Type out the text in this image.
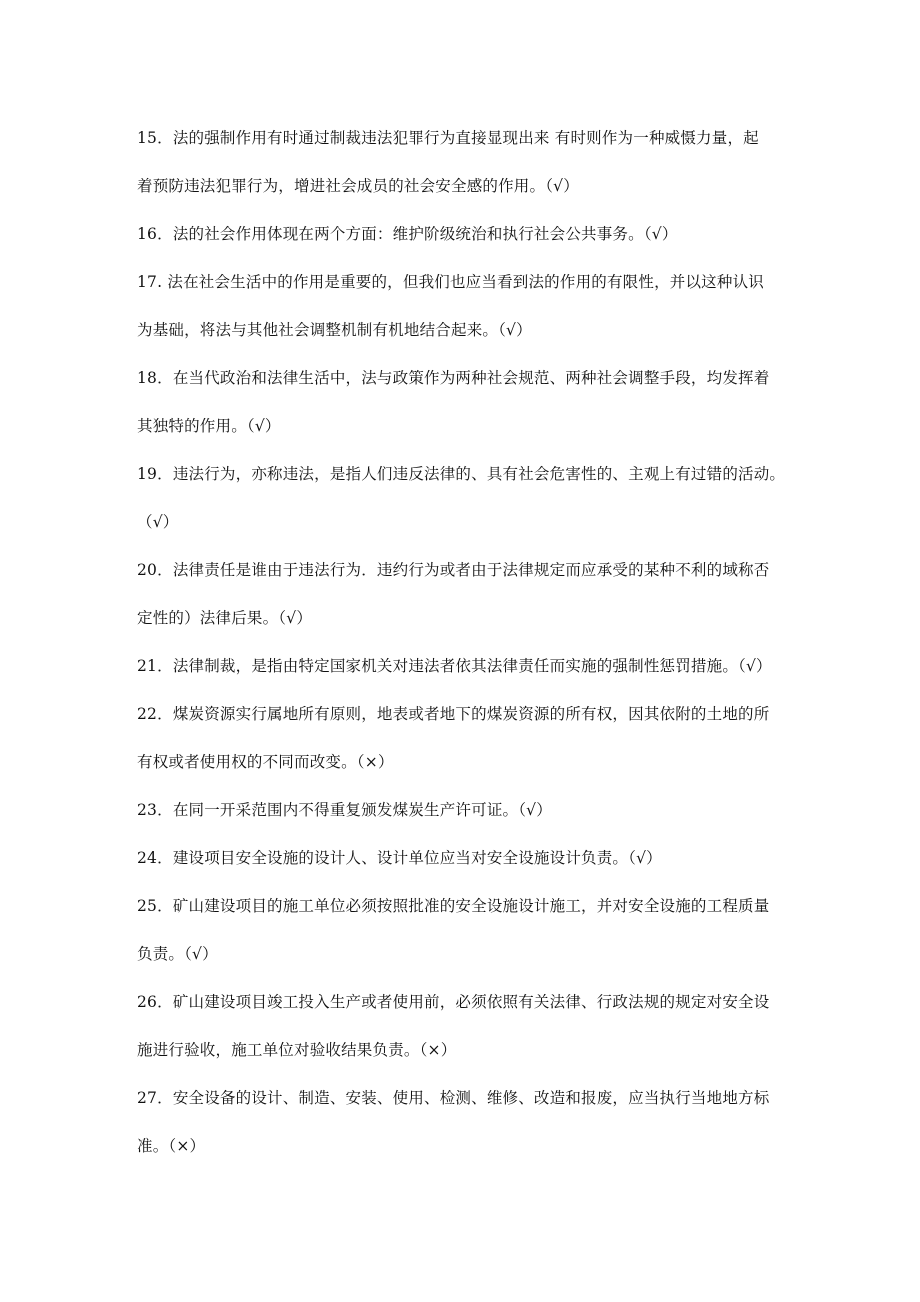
15．法的强制作用有时通过制裁违法犯罪行为直接显现出来 有时则作为一种威慑力量，起
着预防违法犯罪行为，增进社会成员的社会安全感的作用。（√）
16．法的社会作用体现在两个方面：维护阶级统治和执行社会公共事务。（√）
17. 法在社会生活中的作用是重要的，但我们也应当看到法的作用的有限性，并以这种认识
为基础，将法与其他社会调整机制有机地结合起来。（√）
18．在当代政治和法律生活中，法与政策作为两种社会规范、两种社会调整手段，均发挥着
其独特的作用。（√）
19．违法行为，亦称违法，是指人们违反法律的、具有社会危害性的、主观上有过错的活动。
（√）
20．法律责任是谁由于违法行为．违约行为或者由于法律规定而应承受的某种不利的域称否
定性的）法律后果。（√）
21．法律制裁，是指由特定国家机关对违法者依其法律责任而实施的强制性惩罚措施。（√）
22．煤炭资源实行属地所有原则，地表或者地下的煤炭资源的所有权，因其依附的土地的所
有权或者使用权的不同而改变。（×）
23．在同一开采范围内不得重复颁发煤炭生产许可证。（√）
24．建设项目安全设施的设计人、设计单位应当对安全设施设计负责。（√）
25．矿山建设项目的施工单位必须按照批准的安全设施设计施工，并对安全设施的工程质量
负责。（√）
26．矿山建设项目竣工投入生产或者使用前，必须依照有关法律、行政法规的规定对安全设
施进行验收，施工单位对验收结果负责。（×）
27．安全设备的设计、制造、安装、使用、检测、维修、改造和报废，应当执行当地地方标
准。（×）
